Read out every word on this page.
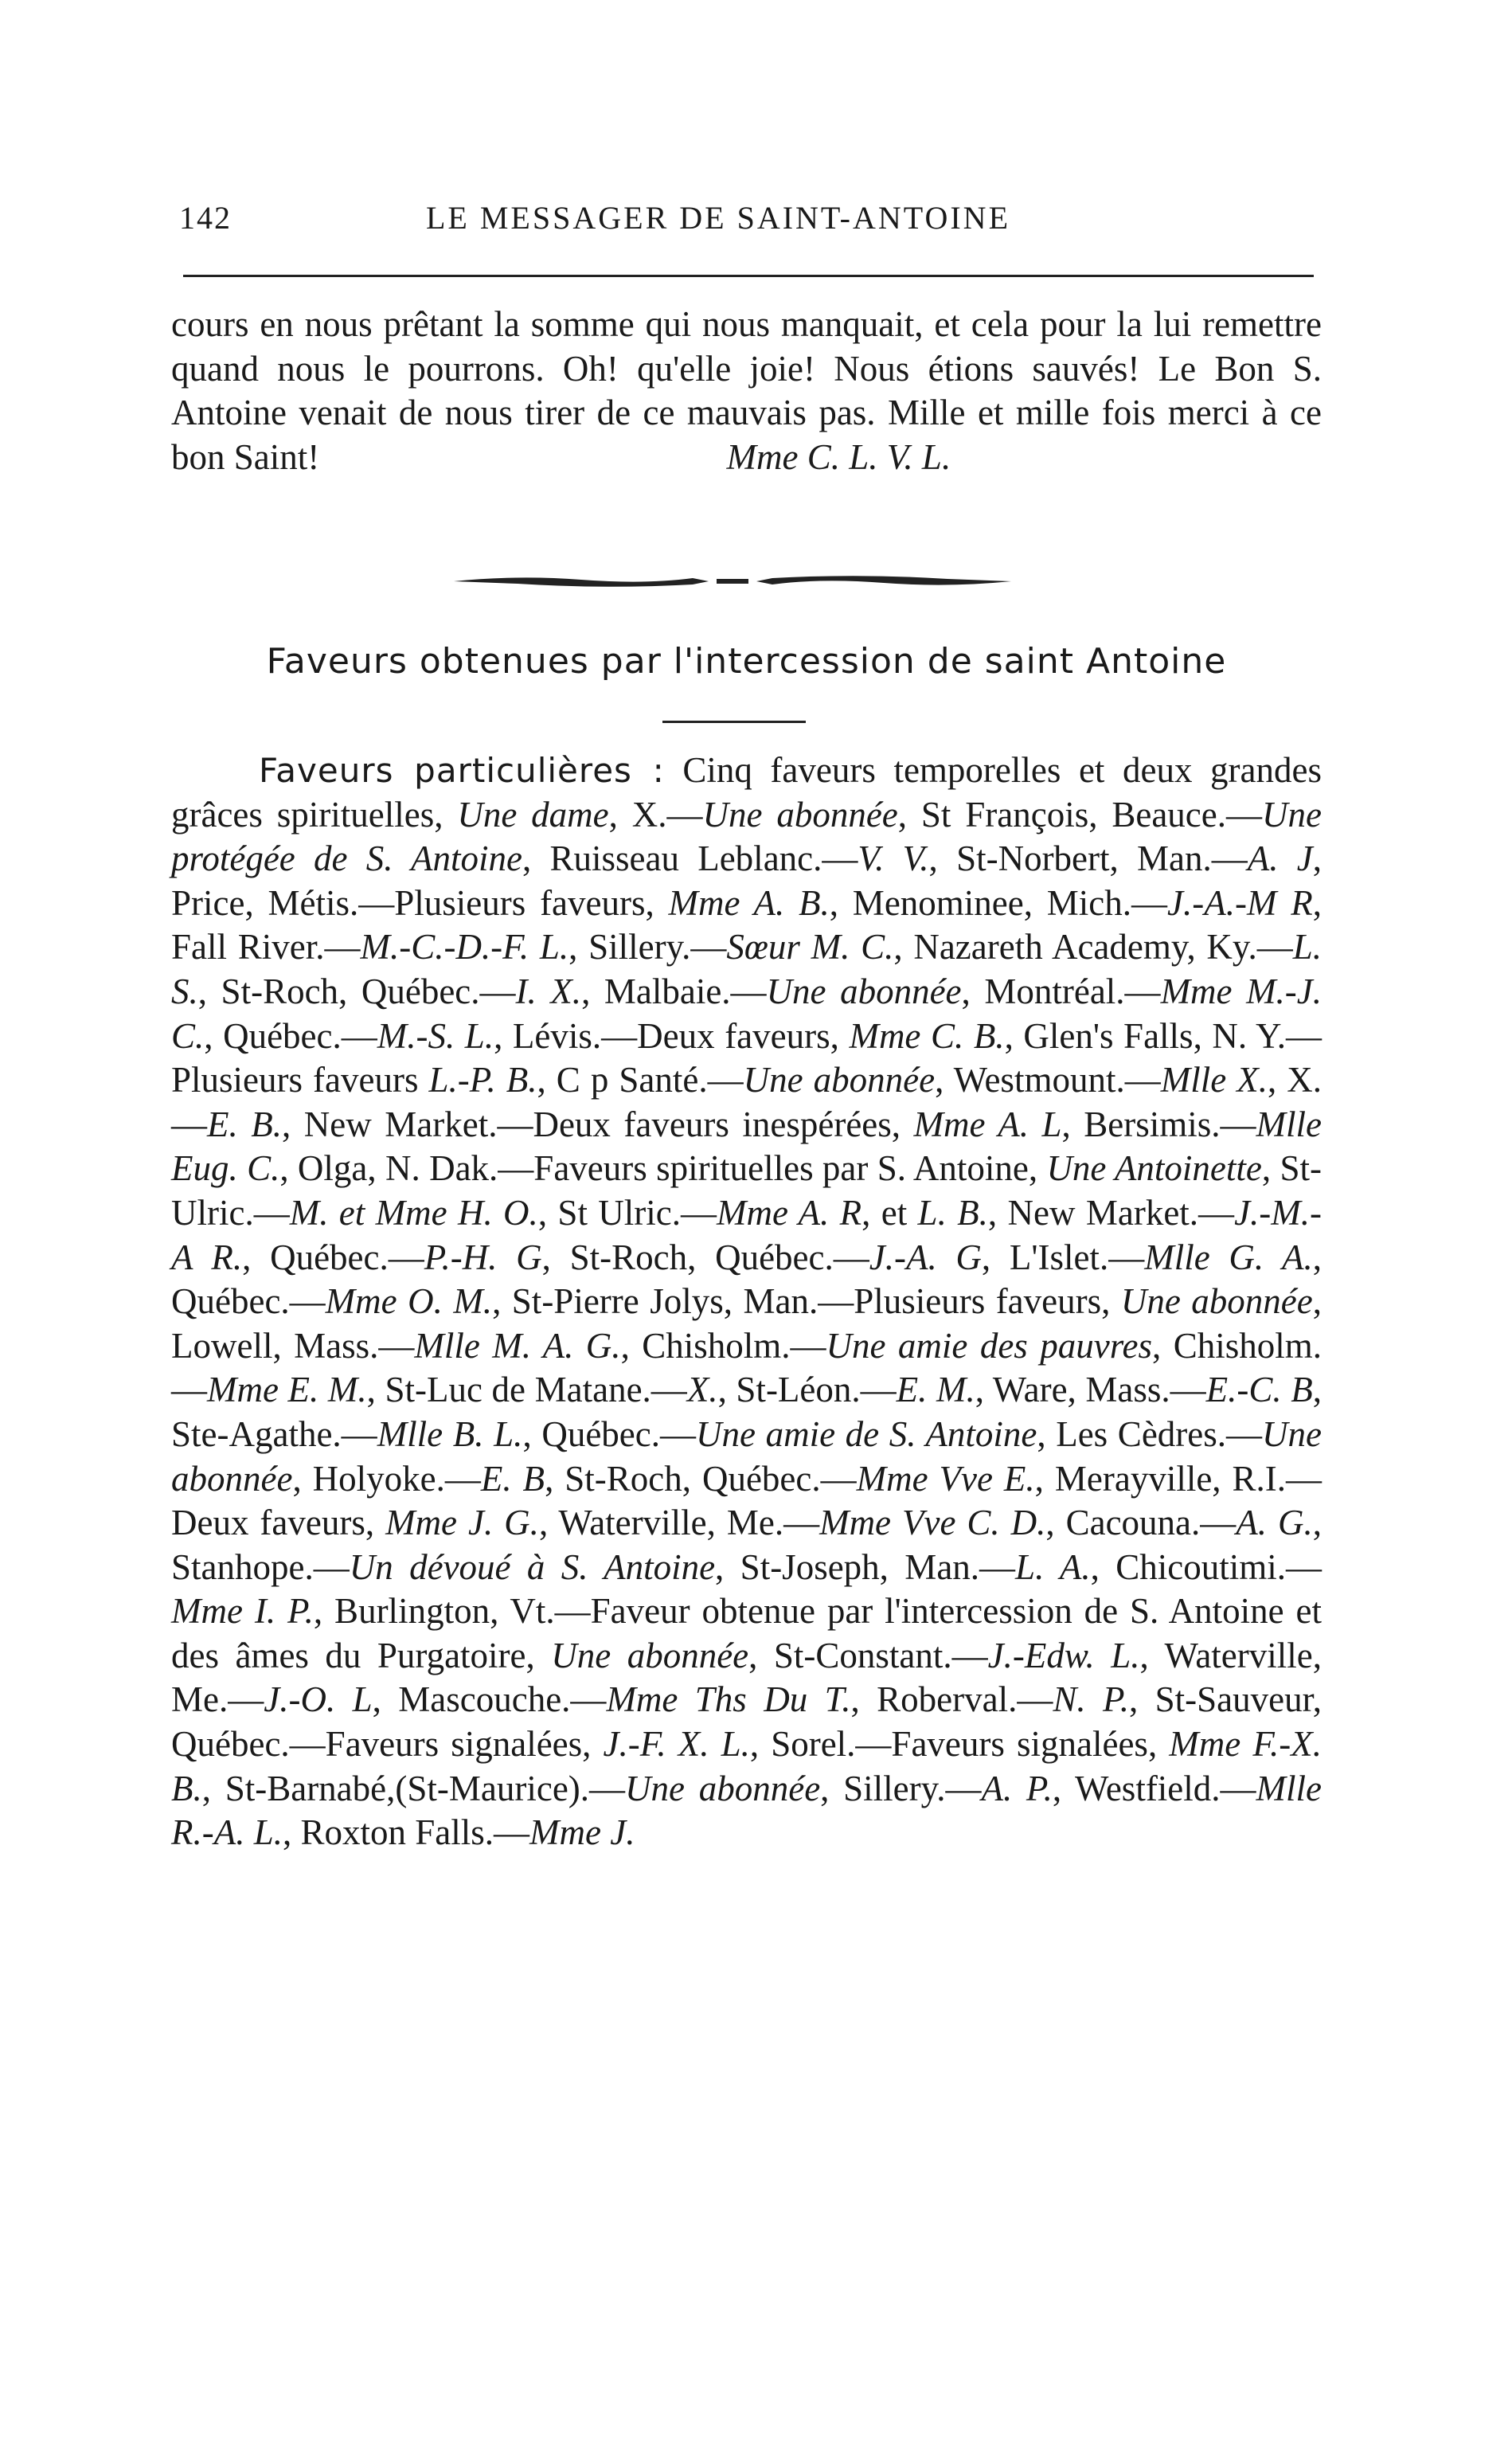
142	LE MESSAGER DE SAINT-ANTOINE
cours en nous prêtant la somme qui nous manquait, et cela pour la lui remettre quand nous le pourrons. Oh! qu'elle joie! Nous étions sauvés! Le Bon S. Antoine venait de nous tirer de ce mauvais pas. Mille et mille fois merci à ce bon Saint!	Mme C. L. V. L.
Faveurs obtenues par l'intercession de saint Antoine
Faveurs particulières : Cinq faveurs temporelles et deux grandes grâces spirituelles, Une dame, X.—Une abonnée, St François, Beauce.—Une protégée de S. Antoine, Ruisseau Leblanc.—V. V., St-Norbert, Man.—A. J, Price, Métis.—Plusieurs faveurs, Mme A. B., Menominee, Mich.—J.-A.-M R, Fall River.—M.-C.-D.-F. L., Sillery.—Sœur M. C., Nazareth Academy, Ky.—L. S., St-Roch, Québec.—I. X., Malbaie.—Une abonnée, Montréal.—Mme M.-J. C., Québec.—M.-S. L., Lévis.—Deux faveurs, Mme C. B., Glen's Falls, N. Y.—Plusieurs faveurs L.-P. B., C p Santé.—Une abonnée, Westmount.—Mlle X., X.—E. B., New Market.—Deux faveurs inespérées, Mme A. L, Bersimis.—Mlle Eug. C., Olga, N. Dak.—Faveurs spirituelles par S. Antoine, Une Antoinette, St-Ulric.—M. et Mme H. O., St Ulric.—Mme A. R, et L. B., New Market.—J.-M.-A R., Québec.—P.-H. G, St-Roch, Québec.—J.-A. G, L'Islet.—Mlle G. A., Québec.—Mme O. M., St-Pierre Jolys, Man.—Plusieurs faveurs, Une abonnée, Lowell, Mass.—Mlle M. A. G., Chisholm.—Une amie des pauvres, Chisholm.—Mme E. M., St-Luc de Matane.—X., St-Léon.—E. M., Ware, Mass.—E.-C. B, Ste-Agathe.—Mlle B. L., Québec.—Une amie de S. Antoine, Les Cèdres.—Une abonnée, Holyoke.—E. B, St-Roch, Québec.—Mme Vve E., Merayville, R.I.—Deux faveurs, Mme J. G., Waterville, Me.—Mme Vve C. D., Cacouna.—A. G., Stanhope.—Un dévoué à S. Antoine, St-Joseph, Man.—L. A., Chicoutimi.—Mme I. P., Burlington, Vt.—Faveur obtenue par l'intercession de S. Antoine et des âmes du Purgatoire, Une abonnée, St-Constant.—J.-Edw. L., Waterville, Me.—J.-O. L, Mascouche.—Mme Ths Du T., Roberval.—N. P., St-Sauveur, Québec.—Faveurs signalées, J.-F. X. L., Sorel.—Faveurs signalées, Mme F.-X. B., St-Barnabé,(St-Maurice).—Une abonnée, Sillery.—A. P., Westfield.—Mlle R.-A. L., Roxton Falls.—Mme J.
